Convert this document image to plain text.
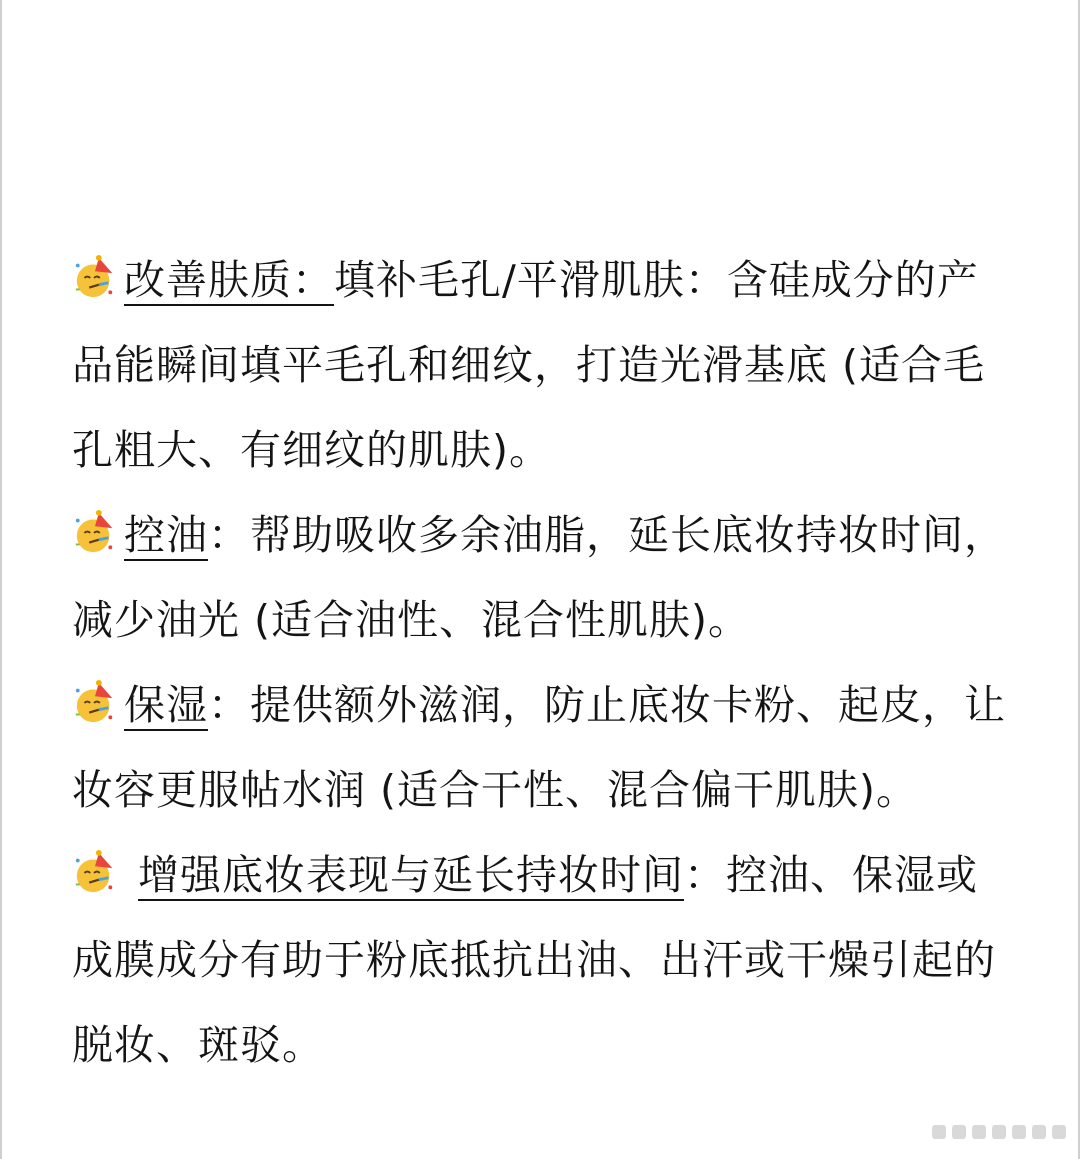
改善肤质：填补毛孔/平滑肌肤：含硅成分的产品能瞬间填平毛孔和细纹，打造光滑基底 (适合毛孔粗大、有细纹的肌肤)。

控油：帮助吸收多余油脂，延长底妆持妆时间，减少油光 (适合油性、混合性肌肤)。

保湿：提供额外滋润，防止底妆卡粉、起皮，让妆容更服帖水润 (适合干性、混合偏干肌肤)。

增强底妆表现与延长持妆时间：控油、保湿或成膜成分有助于粉底抵抗出油、出汗或干燥引起的脱妆、斑驳。
